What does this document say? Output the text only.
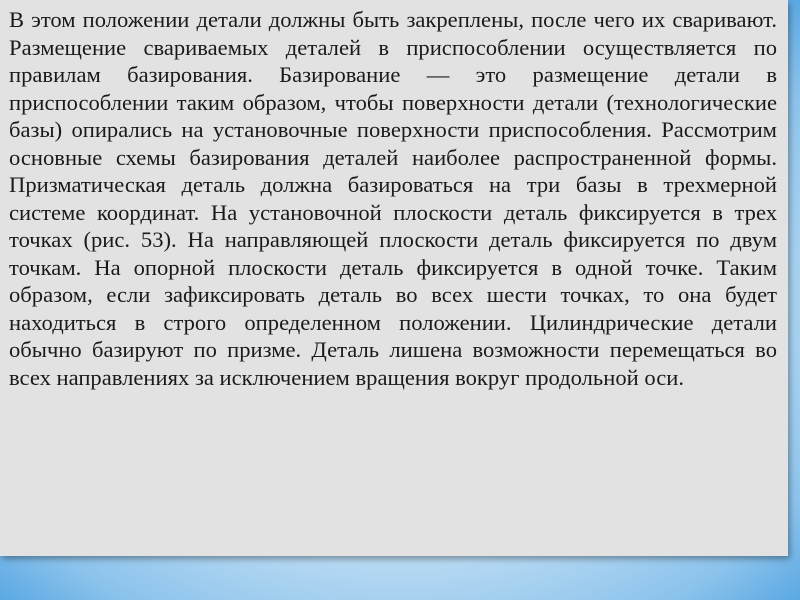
В этом положении детали должны быть закреплены, после чего их сваривают. Размещение свариваемых деталей в приспособлении осуществляется по правилам базирования. Базирование — это размещение детали в приспособлении таким образом, чтобы поверхности детали (технологические базы) опирались на установочные поверхности приспособления. Рассмотрим основные схемы базирования деталей наиболее распространенной формы. Призматическая деталь должна базироваться на три базы в трехмерной системе координат. На установочной плоскости деталь фиксируется в трех точках (рис. 53). На направляющей плоскости деталь фиксируется по двум точкам. На опорной плоскости деталь фиксируется в одной точке. Таким образом, если зафиксировать деталь во всех шести точках, то она будет находиться в строго определенном положении. Цилиндрические детали обычно базируют по призме. Деталь лишена возможности перемещаться во всех направлениях за исключением вращения вокруг продольной оси.
